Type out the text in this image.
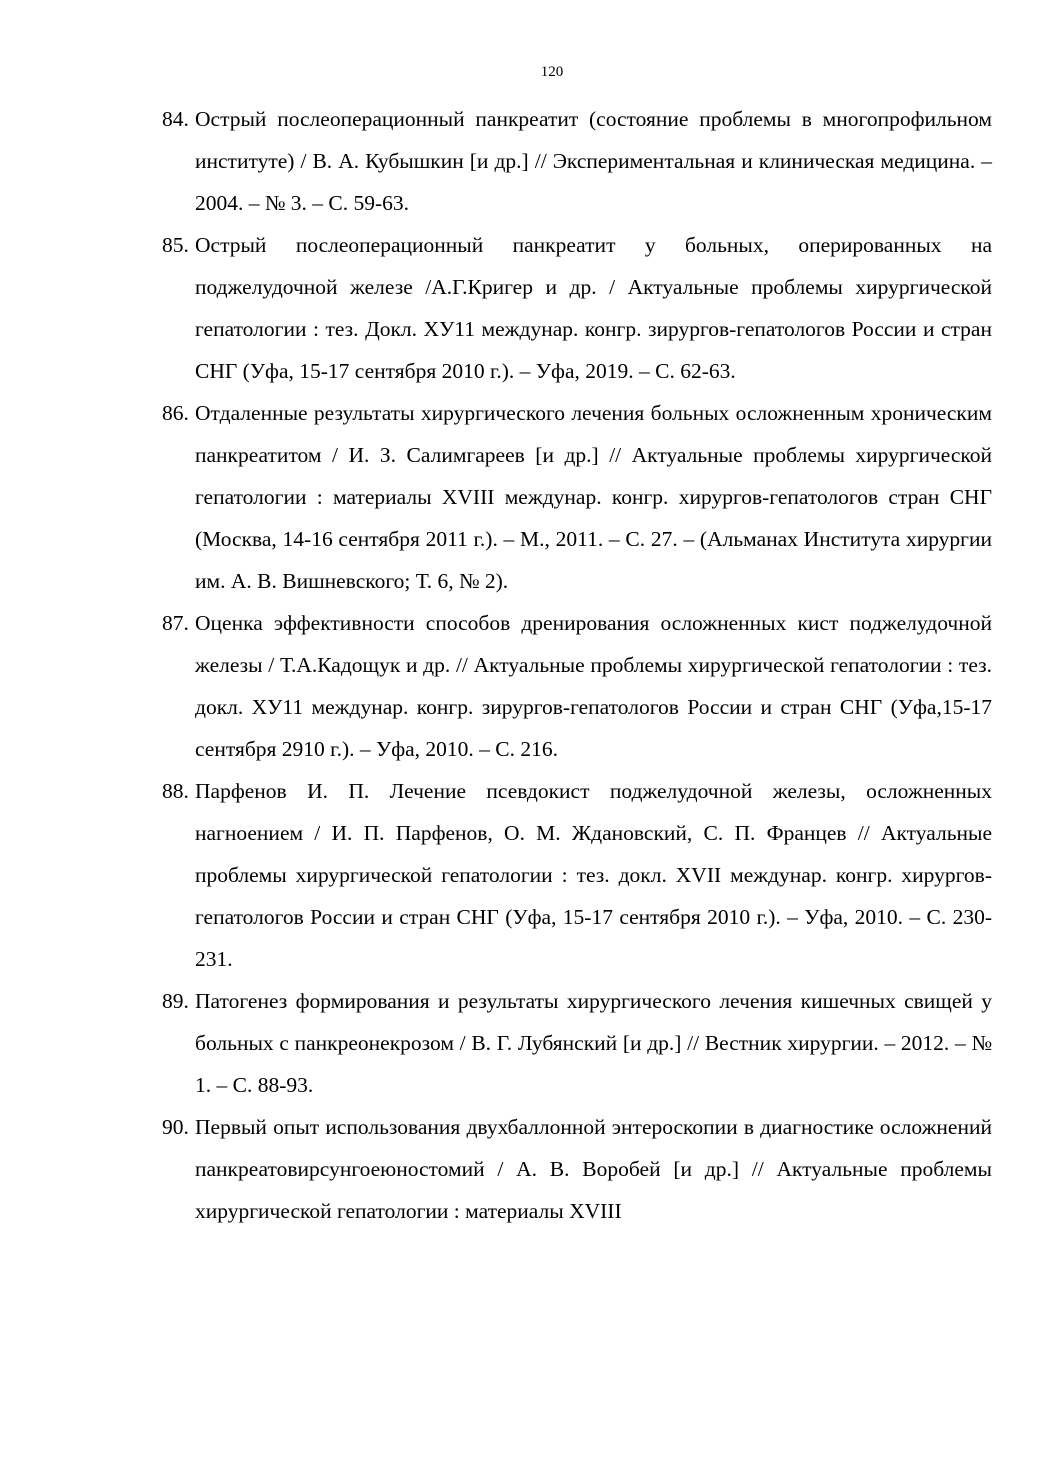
120
84. Острый послеоперационный панкреатит (состояние проблемы в многопрофильном институте) / В. А. Кубышкин [и др.] // Экспериментальная и клиническая медицина. – 2004. – № 3. – С. 59-63.
85. Острый послеоперационный панкреатит у больных, оперированных на поджелудочной железе /А.Г.Кригер и др. / Актуальные проблемы хирургической гепатологии : тез. Докл. ХУ11 междунар. конгр. зирургов-гепатологов России и стран СНГ (Уфа, 15-17 сентября 2010 г.). – Уфа, 2019. – С. 62-63.
86. Отдаленные результаты хирургического лечения больных осложненным хроническим панкреатитом / И. З. Салимгареев [и др.] // Актуальные проблемы хирургической гепатологии : материалы XVIII междунар. конгр. хирургов-гепатологов стран СНГ (Москва, 14-16 сентября 2011 г.). – М., 2011. – С. 27. – (Альманах Института хирургии им. А. В. Вишневского; Т. 6, № 2).
87. Оценка эффективности способов дренирования осложненных кист поджелудочной железы / Т.А.Кадощук и др. // Актуальные проблемы хирургической гепатологии : тез. докл. ХУ11 междунар. конгр. зирургов-гепатологов России и стран СНГ (Уфа,15-17 сентября 2910 г.). – Уфа, 2010. – С. 216.
88. Парфенов И. П. Лечение псевдокист поджелудочной железы, осложненных нагноением / И. П. Парфенов, О. М. Ждановский, С. П. Францев // Актуальные проблемы хирургической гепатологии : тез. докл. XVII междунар. конгр. хирургов-гепатологов России и стран СНГ (Уфа, 15-17 сентября 2010 г.). – Уфа, 2010. – С. 230-231.
89. Патогенез формирования и результаты хирургического лечения кишечных свищей у больных с панкреонекрозом / В. Г. Лубянский [и др.] // Вестник хирургии. – 2012. – № 1. – С. 88-93.
90. Первый опыт использования двухбаллонной энтероскопии в диагностике осложнений панкреатовирсунгоеюностомий / А. В. Воробей [и др.] // Актуальные проблемы хирургической гепатологии : материалы XVIII
